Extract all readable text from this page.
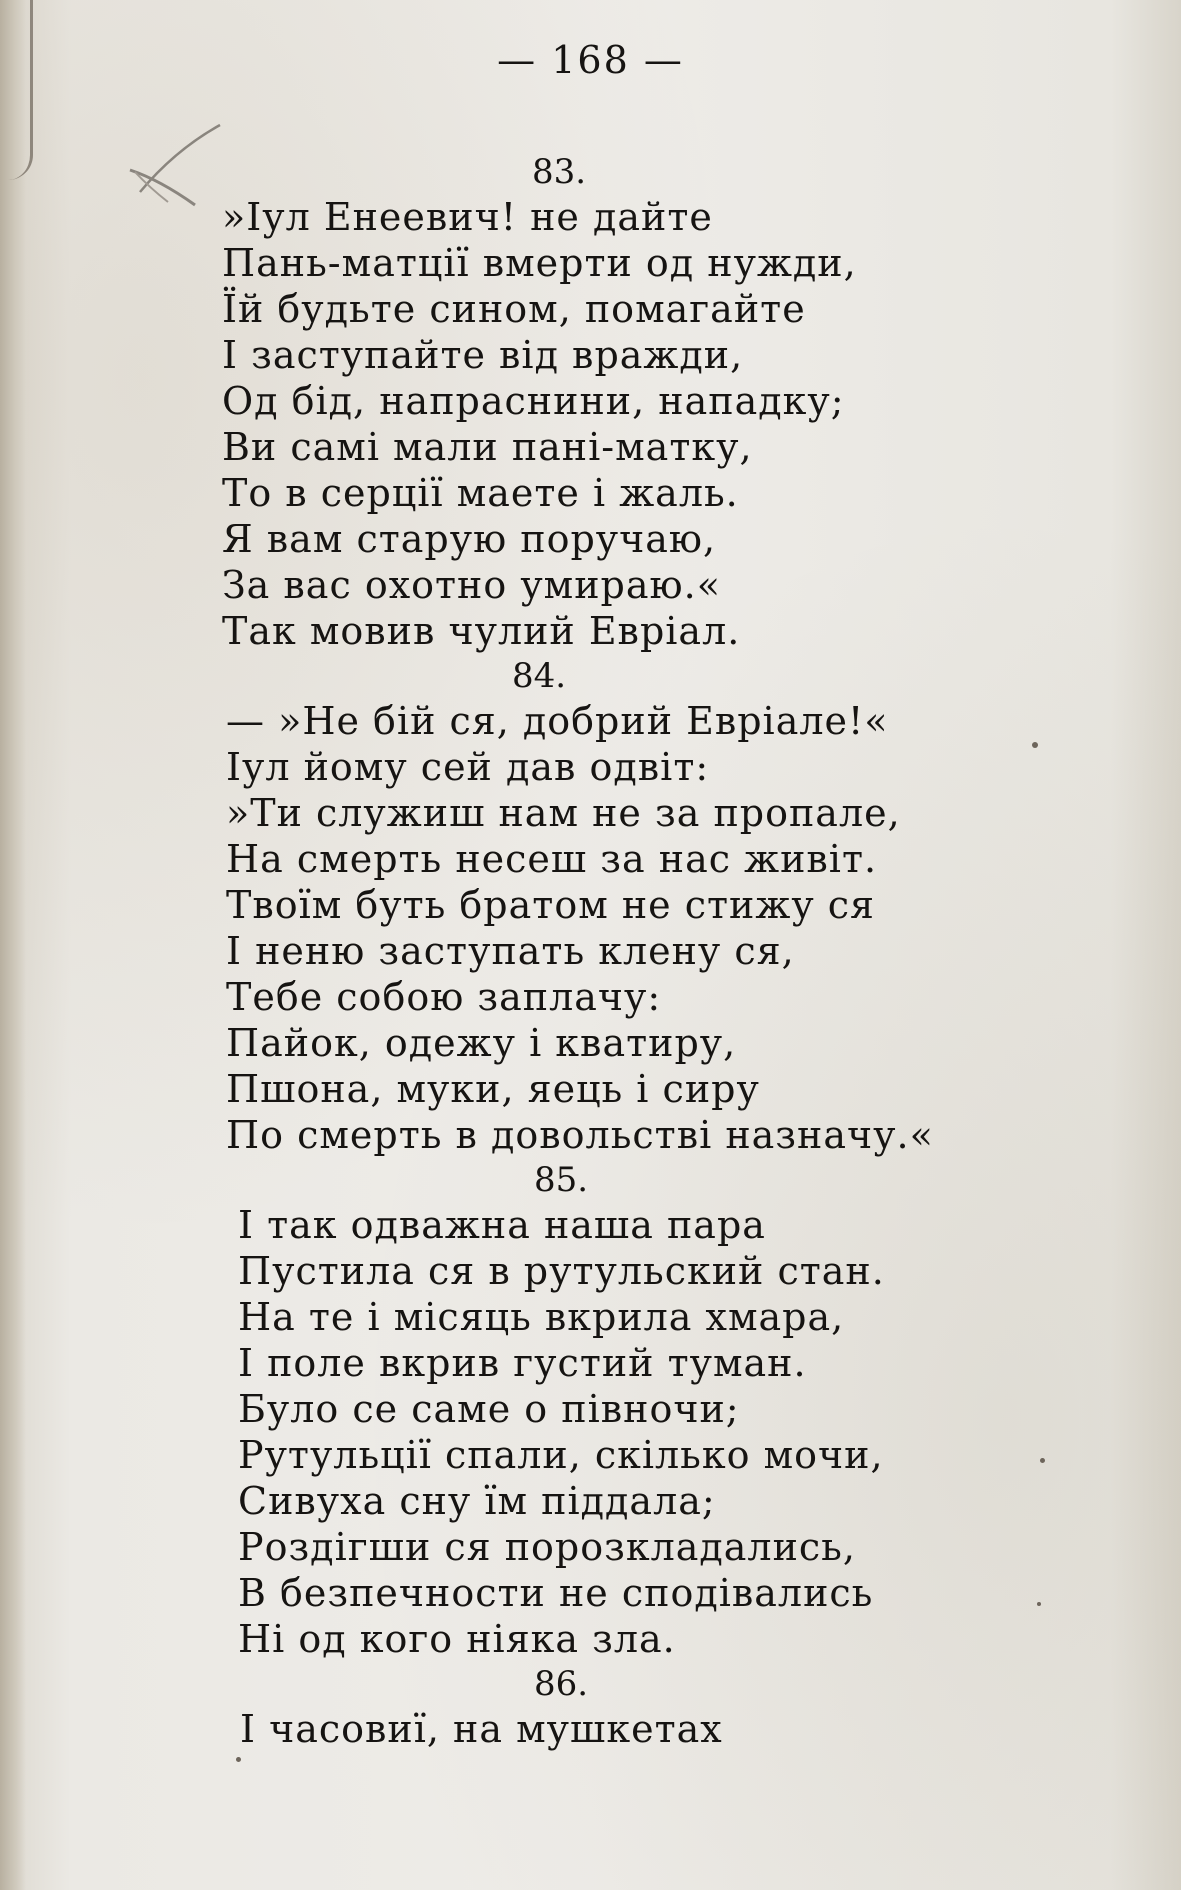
— 168 —
83.
»Іул Енеевич! не дайте
Пань-матції вмерти од нужди,
Їй будьте сином, помагайте
І заступайте від вражди,
Од бід, напраснини, нападку;
Ви самі мали пані-матку,
То в серції маете і жаль.
Я вам старую поручаю,
За вас охотно умираю.«
Так мовив чулий Евріал.
84.
— »Не бій ся, добрий Евріале!«
Іул йому сей дав одвіт:
»Ти служиш нам не за пропале,
На смерть несеш за нас живіт.
Твоїм буть братом не стижу ся
І неню заступать клену ся,
Тебе собою заплачу:
Пайок, одежу і кватиру,
Пшона, муки, яець і сиру
По смерть в довольстві назначу.«
85.
І так одважна наша пара
Пустила ся в рутульский стан.
На те і місяць вкрила хмара,
І поле вкрив густий туман.
Було се саме о півночи;
Рутульції спали, скілько мочи,
Сивуха сну їм піддала;
Роздігши ся порозкладались,
В безпечности не сподівались
Ні од кого ніяка зла.
86.
І часовиї, на мушкетах
